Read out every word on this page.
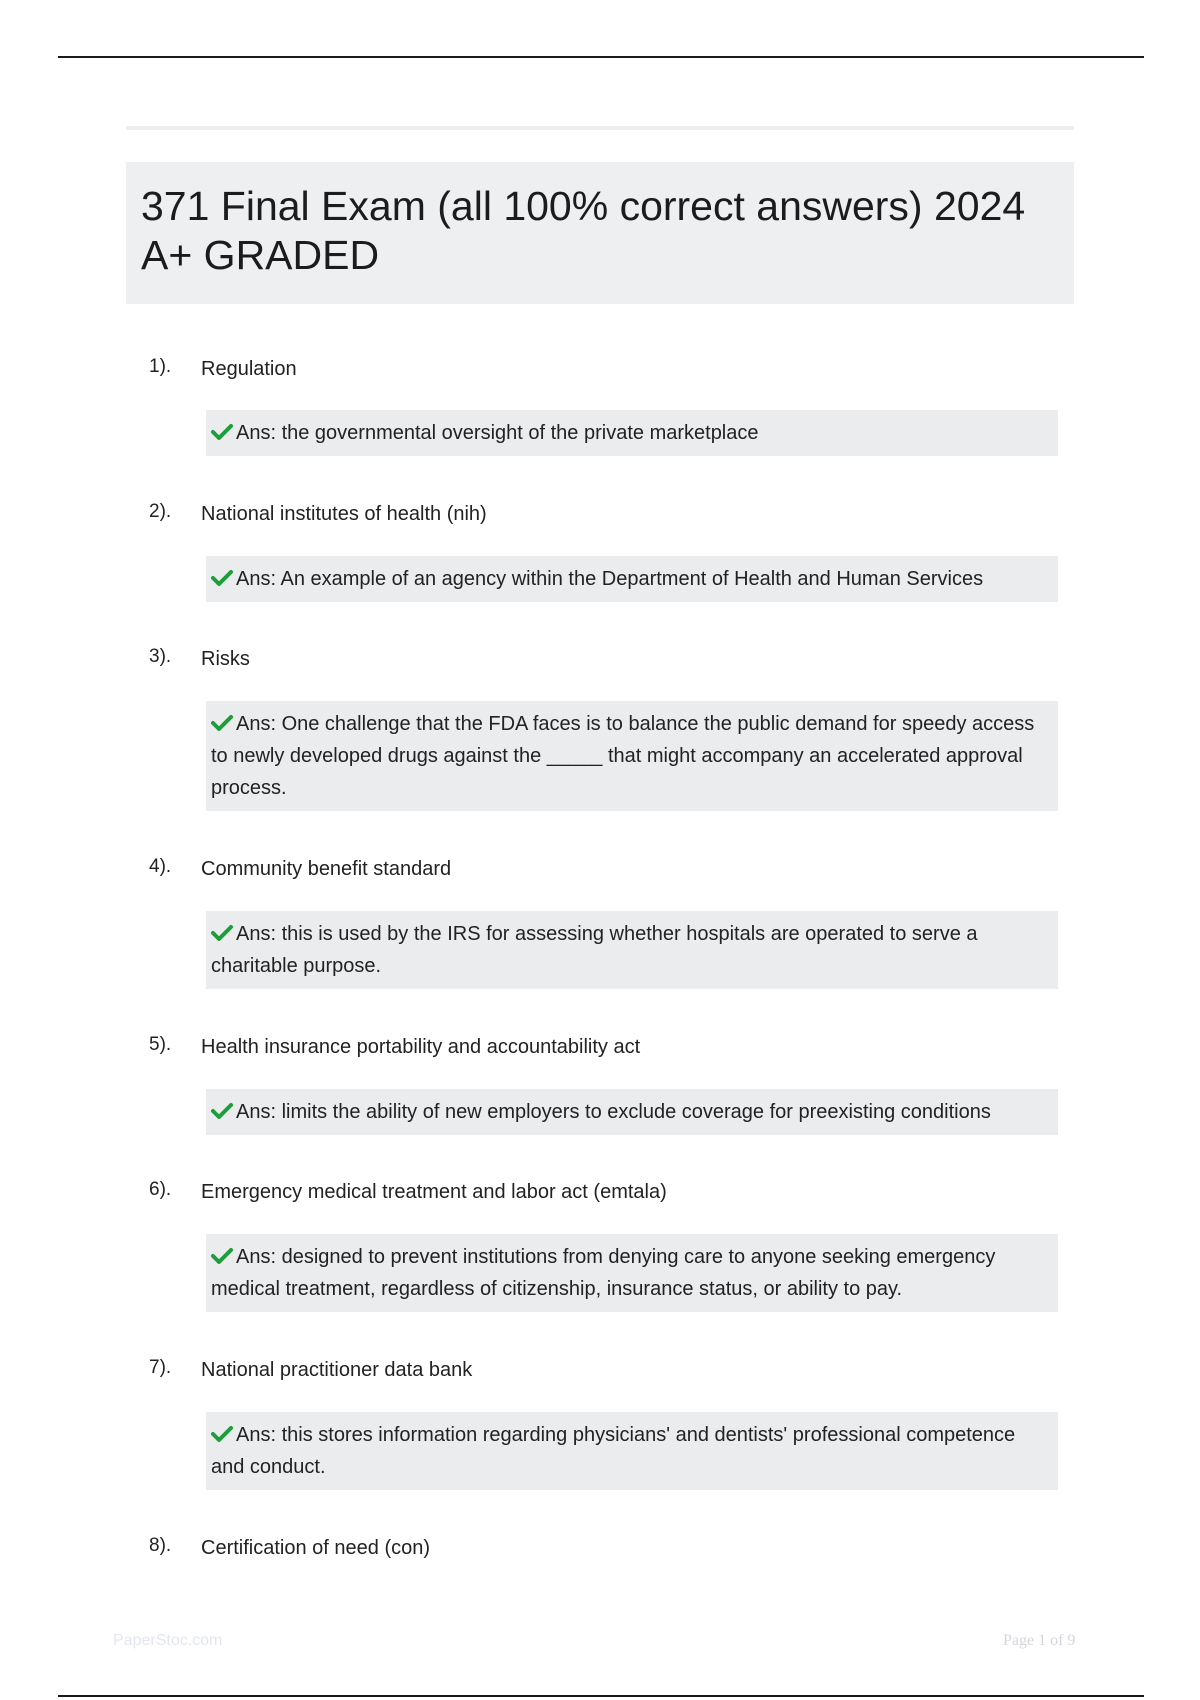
371 Final Exam (all 100% correct answers) 2024 A+ GRADED
1). Regulation
Ans: the governmental oversight of the private marketplace
2). National institutes of health (nih)
Ans: An example of an agency within the Department of Health and Human Services
3). Risks
Ans: One challenge that the FDA faces is to balance the public demand for speedy access to newly developed drugs against the _____ that might accompany an accelerated approval process.
4). Community benefit standard
Ans: this is used by the IRS for assessing whether hospitals are operated to serve a charitable purpose.
5). Health insurance portability and accountability act
Ans: limits the ability of new employers to exclude coverage for preexisting conditions
6). Emergency medical treatment and labor act (emtala)
Ans: designed to prevent institutions from denying care to anyone seeking emergency medical treatment, regardless of citizenship, insurance status, or ability to pay.
7). National practitioner data bank
Ans: this stores information regarding physicians' and dentists' professional competence and conduct.
8). Certification of need (con)
PaperStoc.com	Page 1 of 9
